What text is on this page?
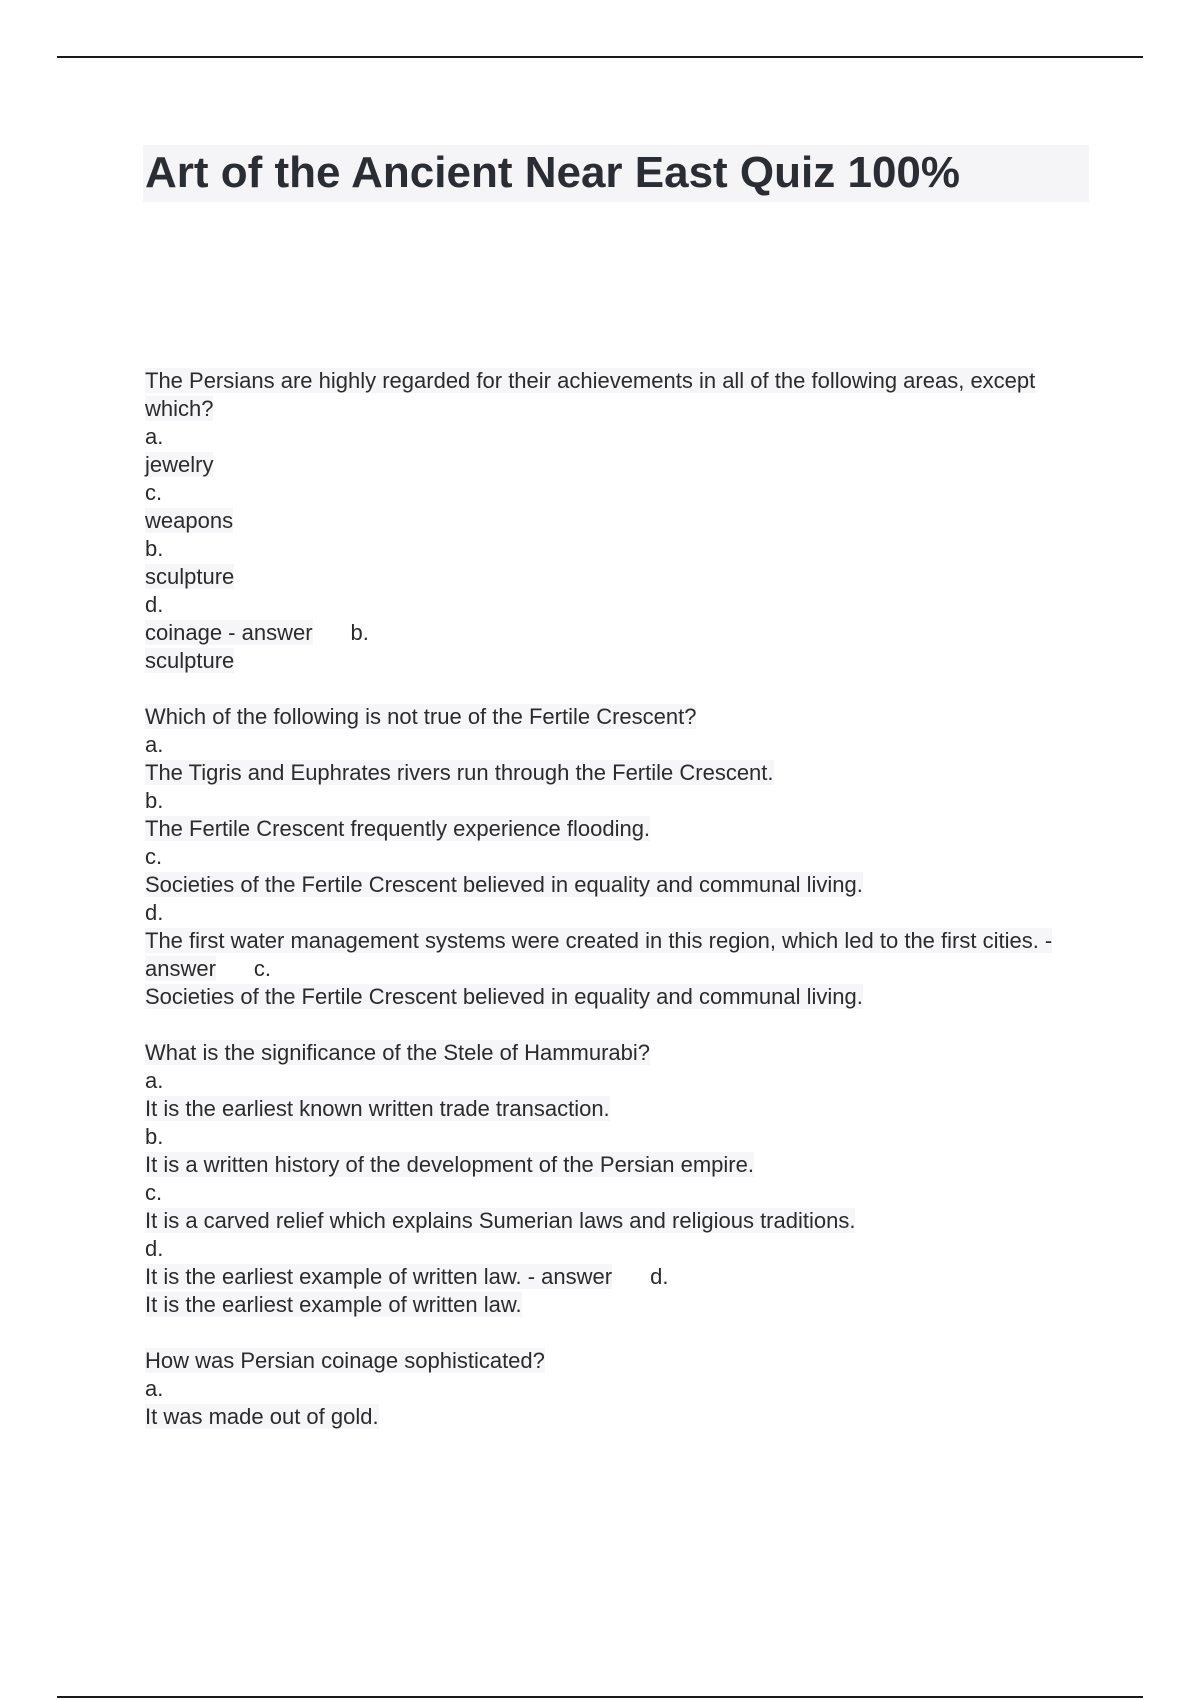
Art of the Ancient Near East Quiz 100%
The Persians are highly regarded for their achievements in all of the following areas, except which?
a.
jewelry
c.
weapons
b.
sculpture
d.
coinage - answer b.
sculpture
Which of the following is not true of the Fertile Crescent?
a.
The Tigris and Euphrates rivers run through the Fertile Crescent.
b.
The Fertile Crescent frequently experience flooding.
c.
Societies of the Fertile Crescent believed in equality and communal living.
d.
The first water management systems were created in this region, which led to the first cities. - answer c.
Societies of the Fertile Crescent believed in equality and communal living.
What is the significance of the Stele of Hammurabi?
a.
It is the earliest known written trade transaction.
b.
It is a written history of the development of the Persian empire.
c.
It is a carved relief which explains Sumerian laws and religious traditions.
d.
It is the earliest example of written law. - answer d.
It is the earliest example of written law.
How was Persian coinage sophisticated?
a.
It was made out of gold.
